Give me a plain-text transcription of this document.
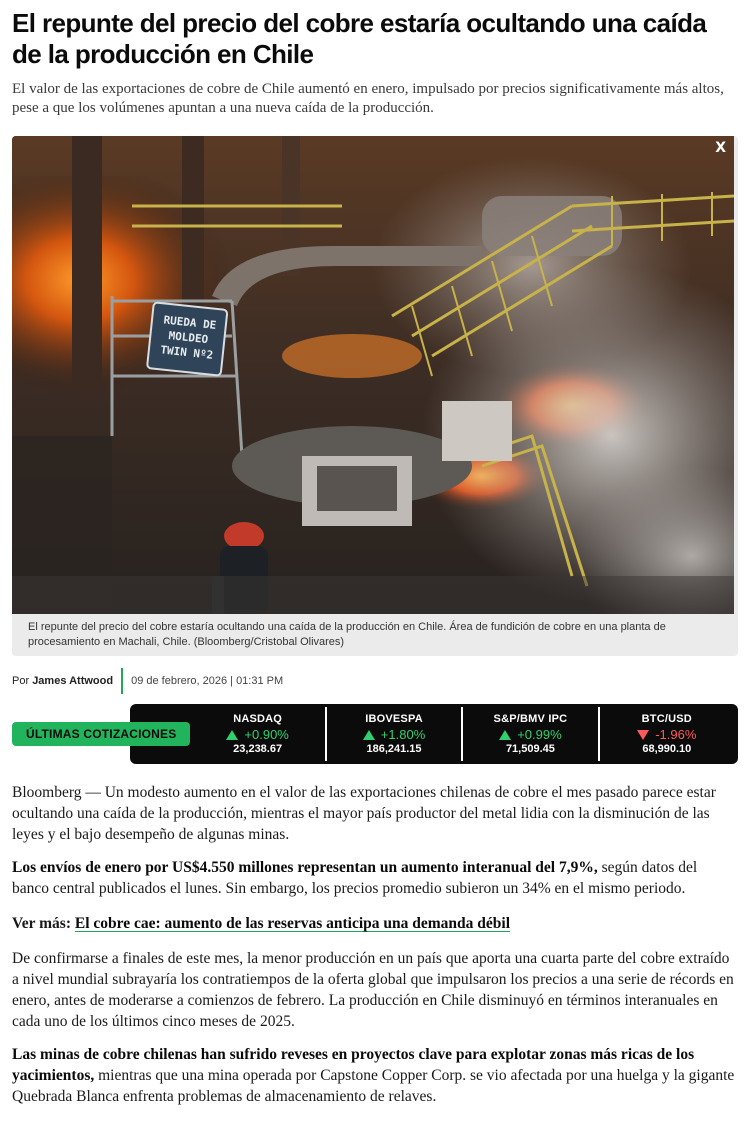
El repunte del precio del cobre estaría ocultando una caída de la producción en Chile

El valor de las exportaciones de cobre de Chile aumentó en enero, impulsado por precios significativamente más altos, pese a que los volúmenes apuntan a una nueva caída de la producción.

RUEDA DE
MOLDEO
TWIN Nº2
X

El repunte del precio del cobre estaría ocultando una caída de la producción en Chile. Área de fundición de cobre en una planta de procesamiento en Machali, Chile. (Bloomberg/Cristobal Olivares)

Por James Attwood	09 de febrero, 2026 | 01:31 PM
ÚLTIMAS COTIZACIONES
NASDAQ
+0.90%
23,238.67
IBOVESPA
+1.80%
186,241.15
S&P/BMV IPC
+0.99%
71,509.45
BTC/USD
-1.96%
68,990.10

Bloomberg — Un modesto aumento en el valor de las exportaciones chilenas de cobre el mes pasado parece estar ocultando una caída de la producción, mientras el mayor país productor del metal lidia con la disminución de las leyes y el bajo desempeño de algunas minas.

Los envíos de enero por US$4.550 millones representan un aumento interanual del 7,9%, según datos del banco central publicados el lunes. Sin embargo, los precios promedio subieron un 34% en el mismo periodo.

Ver más: El cobre cae: aumento de las reservas anticipa una demanda débil

De confirmarse a finales de este mes, la menor producción en un país que aporta una cuarta parte del cobre extraído a nivel mundial subrayaría los contratiempos de la oferta global que impulsaron los precios a una serie de récords en enero, antes de moderarse a comienzos de febrero. La producción en Chile disminuyó en términos interanuales en cada uno de los últimos cinco meses de 2025.

Las minas de cobre chilenas han sufrido reveses en proyectos clave para explotar zonas más ricas de los yacimientos, mientras que una mina operada por Capstone Copper Corp. se vio afectada por una huelga y la gigante Quebrada Blanca enfrenta problemas de almacenamiento de relaves.
